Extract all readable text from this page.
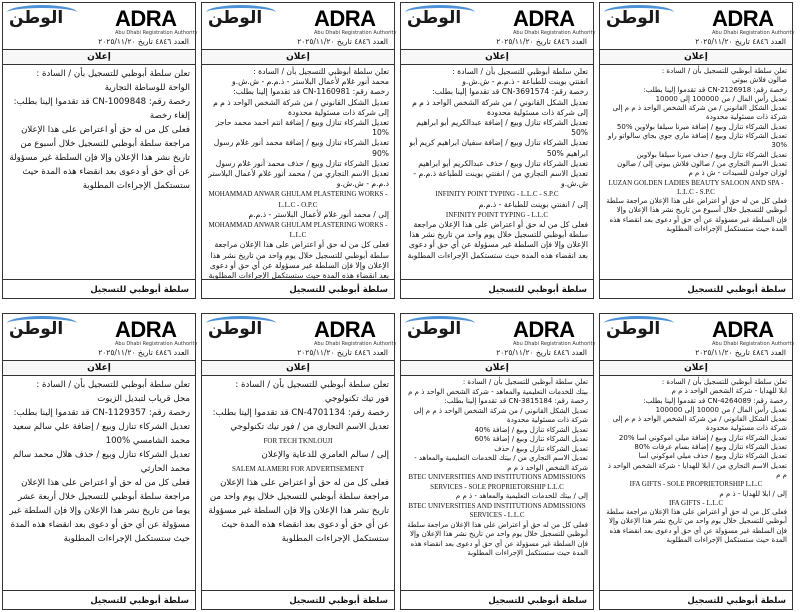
الوطن ADRA
Abu Dhabi Registration Authority
العدد ٤٨٤٦ تاريخ ٢٠٢٥/١١/٢٠
إعلان

تعلن سلطة أبوظبي للتسجيل بأن / السادة :

صالون فلاش بيوتي

رخصة رقم: CN-2126918 قد تقدموا إلينا بطلب:

تعديل رأس المال / من 100000 إلى 10000

تعديل الشكل القانوني / من شركة الشخص الواحد ذ م م إلى شركة ذات مسئولية محدودة

تعديل الشركاء تنازل وبيع / إضافة ميرنا سيلفا بولاوين %50

تعديل الشركاء تنازل وبيع / إضافة ماري جوي بجاي سالواتو راو %30

تعديل الشركاء تنازل وبيع / حذف ميرنا سيلفا بولاوين

تعديل الاسم التجاري من / صالون فلاش بيوتي إلى / صالون لوزان جولدن للسيدات - ش ذ م م

LUZAN GOLDEN LADIES BEAUTY SALOON AND SPA - L.L.C - S.P.C

فعلى كل من له حق أو اعتراض على هذا الإعلان مراجعة سلطة أبوظبي للتسجيل خلال أسبوع من تاريخ نشر هذا الإعلان وإلا فإن السلطة غير مسؤولة عن أي حق أو دعوى بعد انقضاء هذه المدة حيث ستستكمل الإجراءات المطلوبة

سلطة أبوظبي للتسجيل
الوطن ADRA
Abu Dhabi Registration Authority
العدد ٤٨٤٦ تاريخ ٢٠٢٥/١١/٢٠
إعلان

تعلن سلطة أبوظبي للتسجيل بأن / السادة :

انفنتي بوينت للطباعة - ذ.م.م - ش.ش.و

رخصة رقم: CN-3691574 قد تقدموا إلينا بطلب:

تعديل الشكل القانوني / من شركة الشخص الواحد ذ م م إلى شركة ذات مسئولية محدودة

تعديل الشركاء تنازل وبيع / إضافة عبدالكريم أبو ابراهيم %50

تعديل الشركاء تنازل وبيع / إضافة سفيان ابراهيم كريم أبو ابراهيم %50

تعديل الشركاء تنازل وبيع / حذف عبدالكريم أبو ابراهيم

تعديل الاسم التجاري من / انفنتي بوينت للطباعة ذ.م.م - ش.ش.و

INFINITY POINT TYPING - L.L.C - S.P.C

إلى / انفنتي بوينت للطباعة - ذ.م.م

INFINITY POINT TYPING - L.L.C

فعلى كل من له حق أو اعتراض على هذا الإعلان مراجعة سلطة أبوظبي للتسجيل خلال يوم واحد من تاريخ نشر هذا الإعلان وإلا فإن السلطة غير مسؤولة عن أي حق أو دعوى بعد انقضاء هذه المدة حيث ستستكمل الإجراءات المطلوبة

سلطة أبوظبي للتسجيل
الوطن ADRA
Abu Dhabi Registration Authority
العدد ٤٨٤٦ تاريخ ٢٠٢٥/١١/٢٠
إعلان

تعلن سلطة أبوظبي للتسجيل بأن / السادة :

محمد أنور غلام لأعمال البلاستر - ذ.م.م - ش.ش.و

رخصة رقم: CN-1160981 قد تقدموا إلينا بطلب:

تعديل الشكل القانوني / من شركة الشخص الواحد ذ م م إلى شركة ذات مسئولية محدودة

تعديل الشركاء تنازل وبيع / إضافة انتم احمد محمد حاجز %10

تعديل الشركاء تنازل وبيع / إضافة محمد أنور غلام رسول %90

تعديل الشركاء تنازل وبيع / حذف محمد أنور غلام رسول

تعديل الاسم التجاري من / محمد أنور غلام لأعمال البلاستر ذ.م.م - ش.ش.و

MOHAMMAD ANWAR GHULAM PLASTERING WORKS - L.L.C - O.P.C

إلى / محمد أنور غلام لأعمال البلاستر - ذ.م.م

MOHAMMAD ANWAR GHULAM PLASTERING WORKS - L.L.C

فعلى كل من له حق أو اعتراض على هذا الإعلان مراجعة سلطة أبوظبي للتسجيل خلال يوم واحد من تاريخ نشر هذا الإعلان وإلا فإن السلطة غير مسؤولة عن أي حق أو دعوى بعد انقضاء هذه المدة حيث ستستكمل الإجراءات المطلوبة

سلطة أبوظبي للتسجيل
الوطن ADRA
Abu Dhabi Registration Authority
العدد ٤٨٤٦ تاريخ ٢٠٢٥/١١/٢٠
إعلان

تعلن سلطة أبوظبي للتسجيل بأن / السادة :

الواحة للوساطة التجارية

رخصة رقم: CN-1009848 قد تقدموا إلينا بطلب:

إلغاء رخصة

فعلى كل من له حق أو اعتراض على هذا الإعلان مراجعة سلطة أبوظبي للتسجيل خلال أسبوع من تاريخ نشر هذا الإعلان وإلا فإن السلطة غير مسؤولة عن أي حق أو دعوى بعد انقضاء هذه المدة حيث ستستكمل الإجراءات المطلوبة

سلطة أبوظبي للتسجيل
الوطن ADRA
Abu Dhabi Registration Authority
العدد ٤٨٤٦ تاريخ ٢٠٢٥/١١/٢٠
إعلان

تعلن سلطة أبوظبي للتسجيل بأن / السادة :

ابلا للهدايا - شركة الشخص الواحد ذ م م

رخصة رقم: CN-4264089 قد تقدموا إلينا بطلب:

تعديل رأس المال / من 10000 إلى 100000

تعديل الشكل القانوني / من شركة الشخص الواحد ذ م م إلى شركة ذات مسئولية محدودة

تعديل الشركاء تنازل وبيع / إضافة ميلي اموكوني اسا %20

تعديل الشركاء تنازل وبيع / إضافة بسام عرفات %80

تعديل الشركاء تنازل وبيع / حذف ميلي اموكوني اسا

تعديل الاسم التجاري من / ابلا للهدايا - شركة الشخص الواحد ذ م م

IFA GIFTS - SOLE PROPRIETORSHIP L.L.C

إلى / ابلا للهدايا - ذ م م

IFA GIFTS - L.L.C

فعلى كل من له حق أو اعتراض على هذا الإعلان مراجعة سلطة أبوظبي للتسجيل خلال يوم واحد من تاريخ نشر هذا الإعلان وإلا فإن السلطة غير مسؤولة عن أي حق أو دعوى بعد انقضاء هذه المدة حيث ستستكمل الإجراءات المطلوبة

سلطة أبوظبي للتسجيل
الوطن ADRA
Abu Dhabi Registration Authority
العدد ٤٨٤٦ تاريخ ٢٠٢٥/١١/٢٠
إعلان

تعلن سلطة أبوظبي للتسجيل بأن / السادة :

بيتك للخدمات التعليمية والمعاهد - شركة الشخص الواحد ذ م م

رخصة رقم: CN-3815184 قد تقدموا إلينا بطلب:

تعديل الشكل القانوني / من شركة الشخص الواحد ذ م م إلى شركة ذات مسئولية محدودة

تعديل الشركاء تنازل وبيع / إضافة %40

تعديل الشركاء تنازل وبيع / إضافة %60

تعديل الشركاء تنازل وبيع / حذف

تعديل الاسم التجاري من / بيتك للخدمات التعليمية والمعاهد - شركة الشخص الواحد ذ م م

BTEC UNIVERSITIES AND INSTITUTIONS ADMISSIONS SERVICES - SOLE PROPRIETORSHIP L.L.C

إلى / بيتك للخدمات التعليمية والمعاهد - ذ م م

BTEC UNIVERSITIES AND INSTITUTIONS ADMISSIONS SERVICES - L.L.C

فعلى كل من له حق أو اعتراض على هذا الإعلان مراجعة سلطة أبوظبي للتسجيل خلال يوم واحد من تاريخ نشر هذا الإعلان وإلا فإن السلطة غير مسؤولة عن أي حق أو دعوى بعد انقضاء هذه المدة حيث ستستكمل الإجراءات المطلوبة

سلطة أبوظبي للتسجيل
الوطن ADRA
Abu Dhabi Registration Authority
العدد ٤٨٤٦ تاريخ ٢٠٢٥/١١/٢٠
إعلان

تعلن سلطة أبوظبي للتسجيل بأن / السادة :

فور تيك تكنولوجي

رخصة رقم: CN-4701134 قد تقدموا إلينا بطلب:

تعديل الاسم التجاري من / فور تيك تكنولوجي

FOR TECH TKNLOUJI

إلى / سالم العامري للدعاية والإعلان

SALEM ALAMERI FOR ADVERTISEMENT

فعلى كل من له حق أو اعتراض على هذا الإعلان مراجعة سلطة أبوظبي للتسجيل خلال يوم واحد من تاريخ نشر هذا الإعلان وإلا فإن السلطة غير مسؤولة عن أي حق أو دعوى بعد انقضاء هذه المدة حيث ستستكمل الإجراءات المطلوبة

سلطة أبوظبي للتسجيل
الوطن ADRA
Abu Dhabi Registration Authority
العدد ٤٨٤٦ تاريخ ٢٠٢٥/١١/٢٠
إعلان

تعلن سلطة أبوظبي للتسجيل بأن / السادة :

محل قرياب لتبديل الزيوت

رخصة رقم: CN-1129357 قد تقدموا إلينا بطلب:

تعديل الشركاء تنازل وبيع / إضافة علي سالم سعيد محمد الشامسي %100

تعديل الشركاء تنازل وبيع / حذف هلال محمد سالم محمد الحارثي

فعلى كل من له حق أو اعتراض على هذا الإعلان مراجعة سلطة أبوظبي للتسجيل خلال أربعة عشر يوما من تاريخ نشر هذا الإعلان وإلا فإن السلطة غير مسؤولة عن أي حق أو دعوى بعد انقضاء هذه المدة حيث ستستكمل الإجراءات المطلوبة

سلطة أبوظبي للتسجيل
